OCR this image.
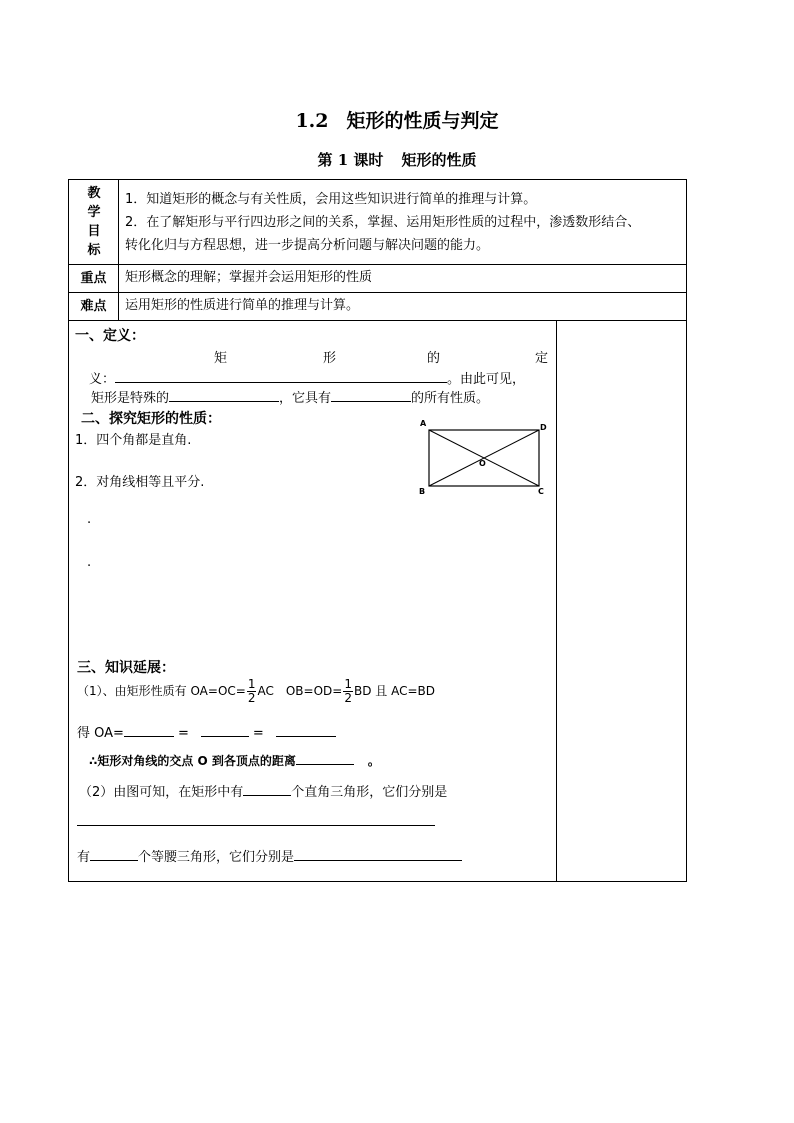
1.2 矩形的性质与判定
第 1 课时 矩形的性质
教
学
目
标
1．知道矩形的概念与有关性质，会用这些知识进行简单的推理与计算。
2．在了解矩形与平行四边形之间的关系，掌握、运用矩形性质的过程中，渗透数形结合、
转化化归与方程思想，进一步提高分析问题与解决问题的能力。
重点	矩形概念的理解；掌握并会运用矩形的性质
难点	运用矩形的性质进行简单的推理与计算。
一、定义：
矩	形	的	定
义：	。由此可见，
矩形是特殊的	，它具有	的所有性质。
二、探究矩形的性质：
1．四个角都是直角.
2．对角线相等且平分.
.
.
A	D
B	C
O
三、知识延展：
（1）、由矩形性质有 $OA=OC= \frac{1}{2}$ AC　$OB=OD= \frac{1}{2}$ BD 且 AC=BD
得 OA=	=	=
∴矩形对角线的交点 O 到各顶点的距离	。
（2）由图可知，在矩形中有	个直角三角形，它们分别是
有	个等腰三角形，它们分别是
